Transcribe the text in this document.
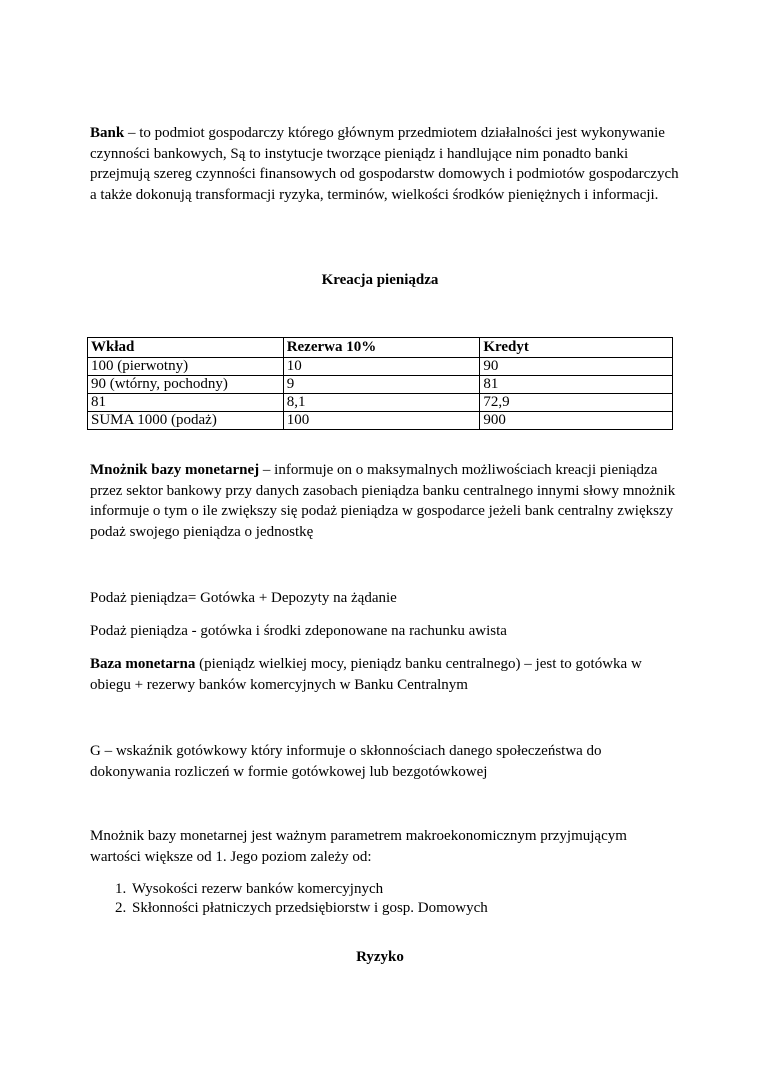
Bank – to podmiot gospodarczy którego głównym przedmiotem działalności jest wykonywanie czynności bankowych, Są to instytucje tworzące pieniądz i handlujące nim ponadto banki przejmują szereg czynności finansowych od gospodarstw domowych i podmiotów gospodarczych a także dokonują transformacji ryzyka, terminów, wielkości środków pieniężnych i informacji.

Kreacja pieniądza

Wkład	Rezerwa 10%	Kredyt
100 (pierwotny)	10	90
90 (wtórny, pochodny)	9	81
81	8,1	72,9
SUMA 1000 (podaż)	100	900

Mnożnik bazy monetarnej – informuje on o maksymalnych możliwościach kreacji pieniądza przez sektor bankowy przy danych zasobach pieniądza banku centralnego innymi słowy mnożnik informuje o tym o ile zwiększy się podaż pieniądza w gospodarce jeżeli bank centralny zwiększy podaż swojego pieniądza o jednostkę

Podaż pieniądza= Gotówka + Depozyty na żądanie

Podaż pieniądza - gotówka i środki zdeponowane na rachunku awista

Baza monetarna (pieniądz wielkiej mocy, pieniądz banku centralnego) – jest to gotówka w obiegu + rezerwy banków komercyjnych w Banku Centralnym

G – wskaźnik gotówkowy który informuje o skłonnościach danego społeczeństwa do dokonywania rozliczeń w formie gotówkowej lub bezgotówkowej

Mnożnik bazy monetarnej jest ważnym parametrem makroekonomicznym przyjmującym wartości większe od 1. Jego poziom zależy od:

1. Wysokości rezerw banków komercyjnych
2. Skłonności płatniczych przedsiębiorstw i gosp. Domowych

Ryzyko
